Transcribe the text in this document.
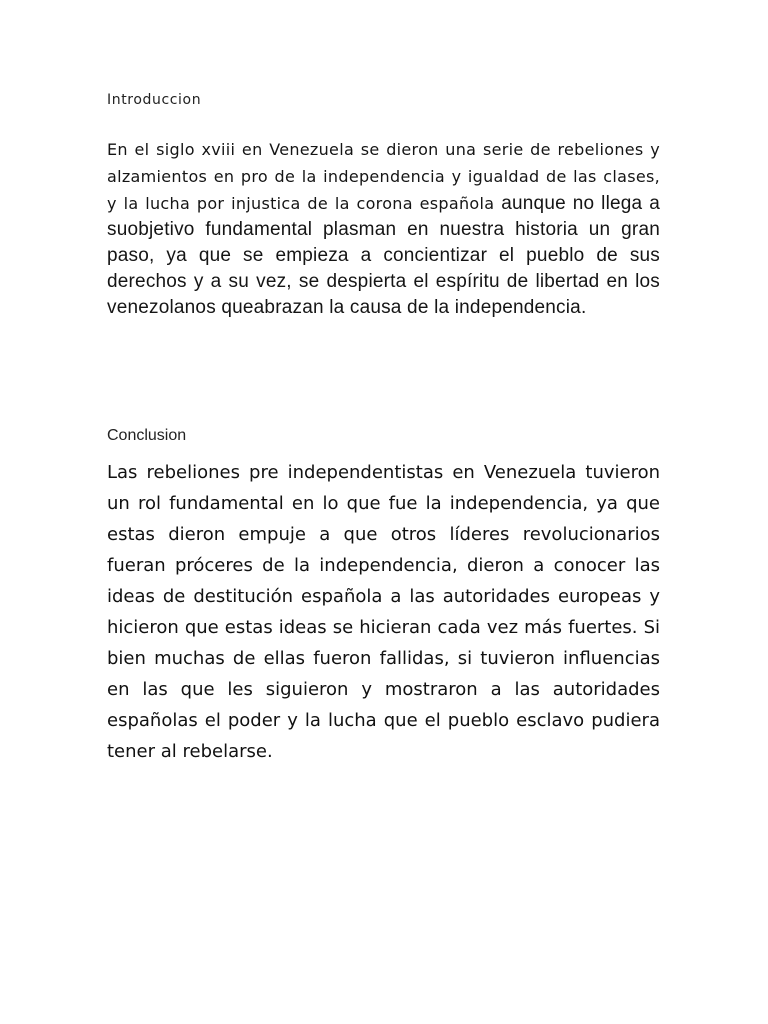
Introduccion

En el siglo xviii en Venezuela se dieron una serie de rebeliones y alzamientos en pro de la independencia y igualdad de las clases, y la lucha por injustica de la corona española aunque no llega a suobjetivo fundamental plasman en nuestra historia un gran paso, ya que se empieza a concientizar el pueblo de sus derechos y a su vez, se despierta el espíritu de libertad en los venezolanos queabrazan la causa de la independencia.

Conclusion

Las rebeliones pre independentistas en Venezuela tuvieron un rol fundamental en lo que fue la independencia, ya que estas dieron empuje a que otros líderes revolucionarios fueran próceres de la independencia, dieron a conocer las ideas de destitución española a las autoridades europeas y hicieron que estas ideas se hicieran cada vez más fuertes. Si bien muchas de ellas fueron fallidas, si tuvieron influencias en las que les siguieron y mostraron a las autoridades españolas el poder y la lucha que el pueblo esclavo pudiera tener al rebelarse.
